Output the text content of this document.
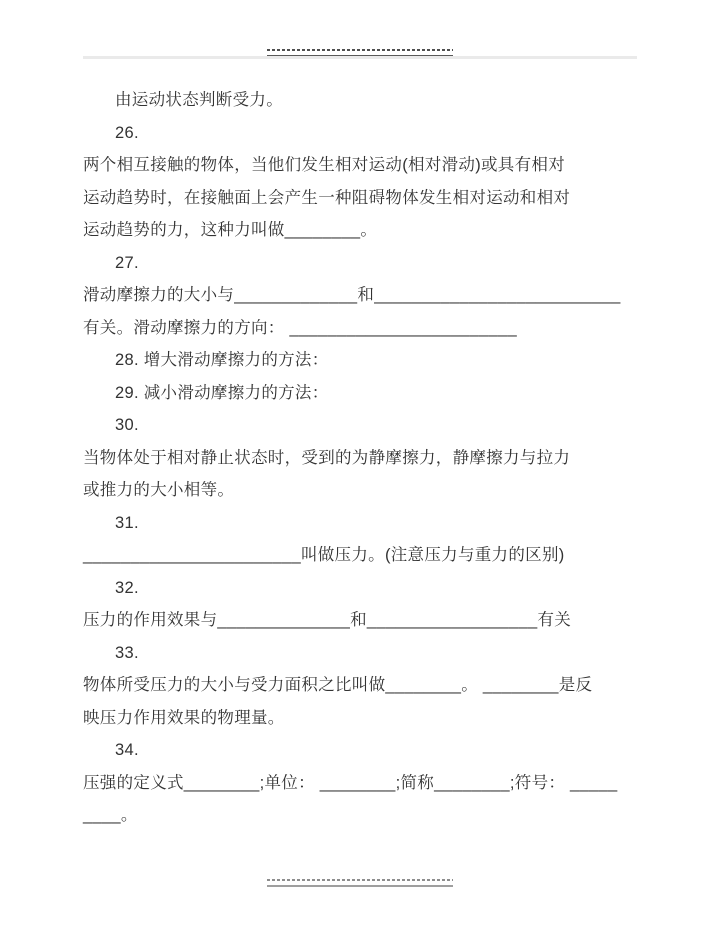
由运动状态判断受力。
26.
两个相互接触的物体，当他们发生相对运动(相对滑动)或具有相对
运动趋势时，在接触面上会产生一种阻碍物体发生相对运动和相对
运动趋势的力，这种力叫做________。
27.
滑动摩擦力的大小与_____________和__________________________
有关。滑动摩擦力的方向： ________________________
28. 增大滑动摩擦力的方法：
29. 减小滑动摩擦力的方法：
30.
当物体处于相对静止状态时，受到的为静摩擦力，静摩擦力与拉力
或推力的大小相等。
31.
_______________________叫做压力。(注意压力与重力的区别)
32.
压力的作用效果与______________和__________________有关
33.
物体所受压力的大小与受力面积之比叫做________。 ________是反
映压力作用效果的物理量。
34.
压强的定义式________;单位： ________;简称________;符号： _____
____。
